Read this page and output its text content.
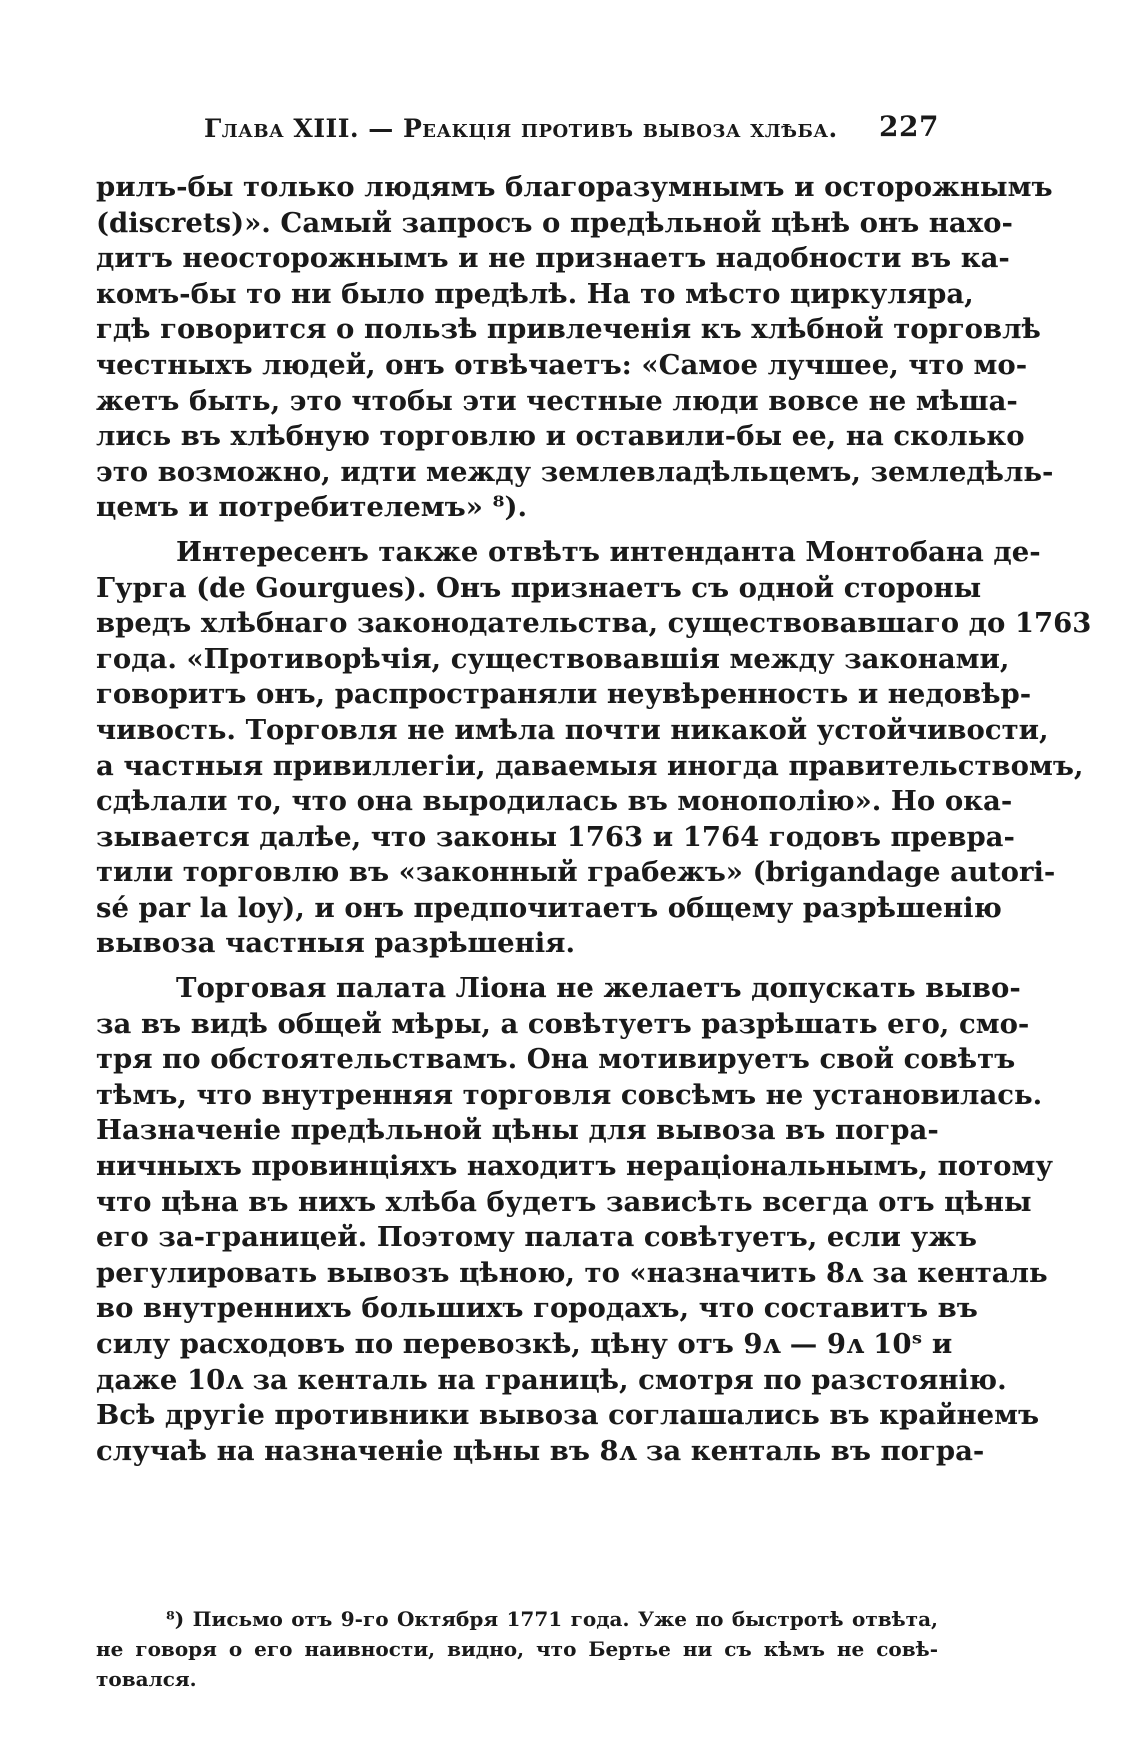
Глава XIII. — Реакція противъ вывоза хлѣба. 227

рилъ-бы только людямъ благоразумнымъ и осторожнымъ
(discrets)». Самый запросъ о предѣльной цѣнѣ онъ нахо-
дитъ неосторожнымъ и не признаетъ надобности въ ка-
комъ-бы то ни было предѣлѣ. На то мѣсто циркуляра,
гдѣ говорится о пользѣ привлеченія къ хлѣбной торговлѣ
честныхъ людей, онъ отвѣчаетъ: «Самое лучшее, что мо-
жетъ быть, это чтобы эти честные люди вовсе не мѣша-
лись въ хлѣбную торговлю и оставили-бы ее, на сколько
это возможно, идти между землевладѣльцемъ, земледѣль-
цемъ и потребителемъ» ⁸).

Интересенъ также отвѣтъ интенданта Монтобана де-
Гурга (de Gourgues). Онъ признаетъ съ одной стороны
вредъ хлѣбнаго законодательства, существовавшаго до 1763
года. «Противорѣчія, существовавшія между законами,
говоритъ онъ, распространяли неувѣренность и недовѣр-
чивость. Торговля не имѣла почти никакой устойчивости,
а частныя привиллегіи, даваемыя иногда правительствомъ,
сдѣлали то, что она выродилась въ монополію». Но ока-
зывается далѣе, что законы 1763 и 1764 годовъ превра-
тили торговлю въ «законный грабежъ» (brigandage autori-
sé par la loy), и онъ предпочитаетъ общему разрѣшенію
вывоза частныя разрѣшенія.

Торговая палата Ліона не желаетъ допускать выво-
за въ видѣ общей мѣры, а совѣтуетъ разрѣшать его, смо-
тря по обстоятельствамъ. Она мотивируетъ свой совѣтъ
тѣмъ, что внутренняя торговля совсѣмъ не установилась.
Назначеніе предѣльной цѣны для вывоза въ погра-
ничныхъ провинціяхъ находитъ нераціональнымъ, потому
что цѣна въ нихъ хлѣба будетъ зависѣть всегда отъ цѣны
его за-границей. Поэтому палата совѣтуетъ, если ужъ
регулировать вывозъ цѣною, то «назначить 8ᴧ за кенталь
во внутреннихъ большихъ городахъ, что составитъ въ
силу расходовъ по перевозкѣ, цѣну отъ 9ᴧ — 9ᴧ 10ˢ и
даже 10ᴧ за кенталь на границѣ, смотря по разстоянію.
Всѣ другіе противники вывоза соглашались въ крайнемъ
случаѣ на назначеніе цѣны въ 8ᴧ за кенталь въ погра-

⁸) Письмо отъ 9-го Октября 1771 года. Уже по быстротѣ отвѣта,
не говоря о его наивности, видно, что Бертье ни съ кѣмъ не совѣ-
товался.
